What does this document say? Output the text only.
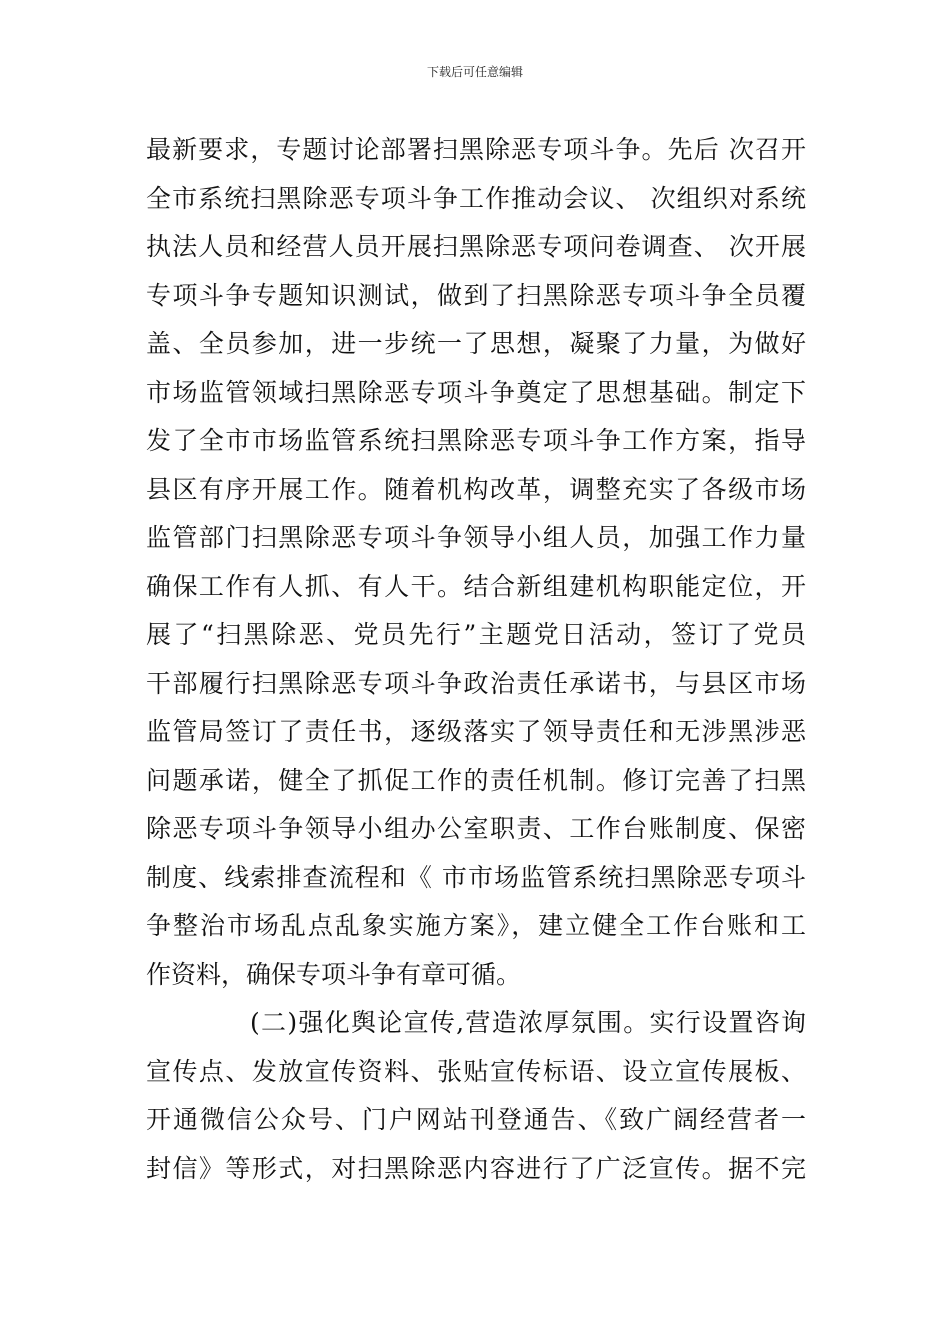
下载后可任意编辑
最新要求，专题讨论部署扫黑除恶专项斗争。先后 次召开
全市系统扫黑除恶专项斗争工作推动会议、 次组织对系统
执法人员和经营人员开展扫黑除恶专项问卷调查、 次开展
专项斗争专题知识测试，做到了扫黑除恶专项斗争全员覆
盖、全员参加，进一步统一了思想，凝聚了力量，为做好
市场监管领域扫黑除恶专项斗争奠定了思想基础。制定下
发了全市市场监管系统扫黑除恶专项斗争工作方案，指导
县区有序开展工作。随着机构改革，调整充实了各级市场
监管部门扫黑除恶专项斗争领导小组人员，加强工作力量
确保工作有人抓、有人干。结合新组建机构职能定位，开
展了“扫黑除恶、党员先行”主题党日活动，签订了党员
干部履行扫黑除恶专项斗争政治责任承诺书，与县区市场
监管局签订了责任书，逐级落实了领导责任和无涉黑涉恶
问题承诺，健全了抓促工作的责任机制。修订完善了扫黑
除恶专项斗争领导小组办公室职责、工作台账制度、保密
制度、线索排查流程和《 市市场监管系统扫黑除恶专项斗
争整治市场乱点乱象实施方案》，建立健全工作台账和工
作资料，确保专项斗争有章可循。
(二)强化舆论宣传,营造浓厚氛围。实行设置咨询
宣传点、发放宣传资料、张贴宣传标语、设立宣传展板、
开通微信公众号、门户网站刊登通告、《致广阔经营者一
封信》等形式，对扫黑除恶内容进行了广泛宣传。据不完
